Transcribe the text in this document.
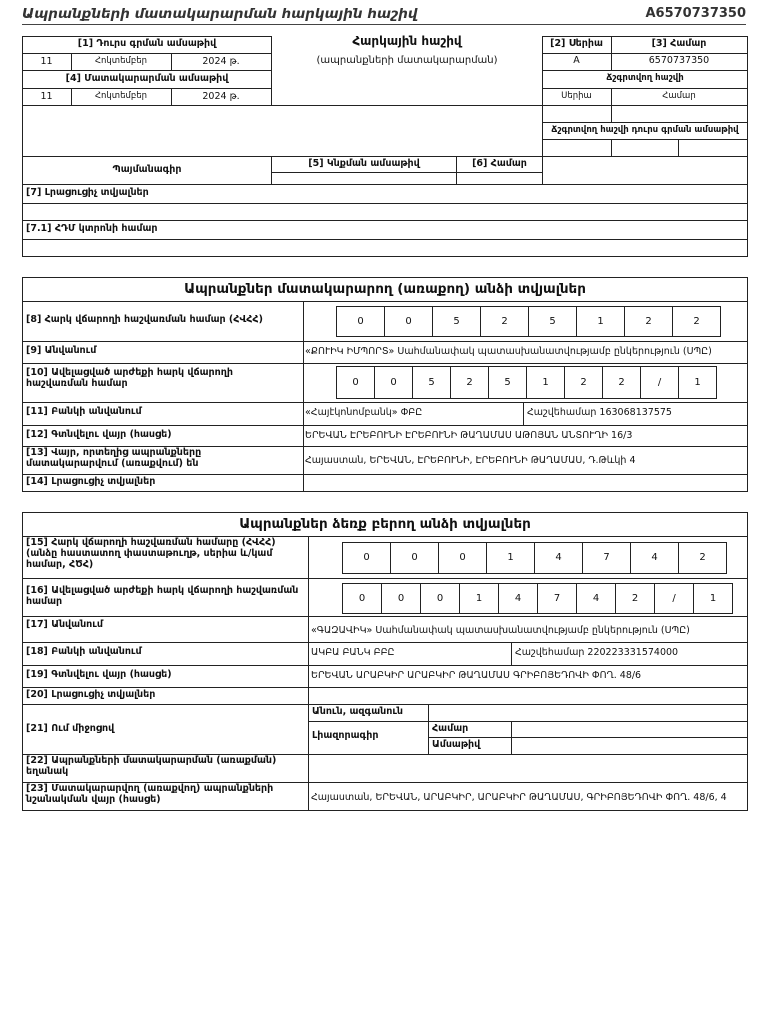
Ապրանքների մատակարարման հարկային հաշիվ	A6570737350
[1] Դուրս գրման ամսաթիվ
11	Հոկտեմբեր	2024 թ.
[4] Մատակարարման ամսաթիվ
11	Հոկտեմբեր	2024 թ.
Հարկային հաշիվ
(ապրանքների մատակարարման)
[2] Սերիա	[3] Համար
A	6570737350
Ճշգրտվող հաշվի
Սերիա	Համար
Ճշգրտվող հաշվի դուրս գրման ամսաթիվ
Պայմանագիր
[5] Կնքման ամսաթիվ	[6] Համար
[7] Լրացուցիչ տվյալներ
[7.1] ՀԴՄ կտրոնի համար
Ապրանքներ մատակարարող (առաքող) անձի տվյալներ
[8] Հարկ վճարողի հաշվառման համար (ՀՎՀՀ)	0	0	5	2	5	1	2	2
[9] Անվանում	«ՔՈՒԻԿ ԻՄՊՈՐՏ» Սահմանափակ պատասխանատվությամբ ընկերություն (ՍՊԸ)
[10] Ավելացված արժեքի հարկ վճարողի հաշվառման համար	0	0	5	2	5	1	2	2	/	1
[11] Բանկի անվանում	«Հայէկոնոմբանկ» ՓԲԸ	Հաշվեհամար 163068137575
[12] Գտնվելու վայր (հասցե)	ԵՐԵՎԱՆ ԷՐԵԲՈՒՆԻ ԷՐԵԲՈՒՆԻ ԹԱՂԱՄԱՍ ԱԹՈՅԱՆ ԱՆՏՈՒՂԻ 16/3
[13] Վայր, որտեղից ապրանքները մատակարարվում (առաքվում) են	Հայաստան, ԵՐԵՎԱՆ, ԷՐԵԲՈՒՆԻ, ԷՐԵԲՈՒՆԻ ԹԱՂԱՄԱՍ, Դ.Թևկի 4
[14] Լրացուցիչ տվյալներ
Ապրանքներ ձեռք բերող անձի տվյալներ
[15] Հարկ վճարողի հաշվառման համարը (ՀՎՀՀ) (անձը հաստատող փաստաթուղթ, սերիա և/կամ համար, ՀԾՀ)
0	0	0	1	4	7	4	2
[16] Ավելացված արժեքի հարկ վճարողի հաշվառման համար	0	0	0	1	4	7	4	2	/	1
[17] Անվանում
«ԳԱԶԱՎԻԿ» Սահմանափակ պատասխանատվությամբ ընկերություն (ՍՊԸ)
[18] Բանկի անվանում	ԱԿԲԱ ԲԱՆԿ ԲԲԸ	Հաշվեհամար 220223331574000
[19] Գտնվելու վայր (հասցե)	ԵՐԵՎԱՆ ԱՐԱԲԿԻՐ ԱՐԱԲԿԻՐ ԹԱՂԱՄԱՍ ԳՐԻԲՈՅԵԴՈՎԻ ՓՈՂ. 48/6
[20] Լրացուցիչ տվյալներ
[21] Ում միջոցով
Անուն, ազգանուն
Լիազորագիր
Համար
Ամսաթիվ
[22] Ապրանքների մատակարարման (առաքման) եղանակ
[23] Մատակարարվող (առաքվող) ապրանքների նշանակման վայր (հասցե)	Հայաստան, ԵՐԵՎԱՆ, ԱՐԱԲԿԻՐ, ԱՐԱԲԿԻՐ ԹԱՂԱՄԱՍ, ԳՐԻԲՈՅԵԴՈՎԻ ՓՈՂ. 48/6, 4
